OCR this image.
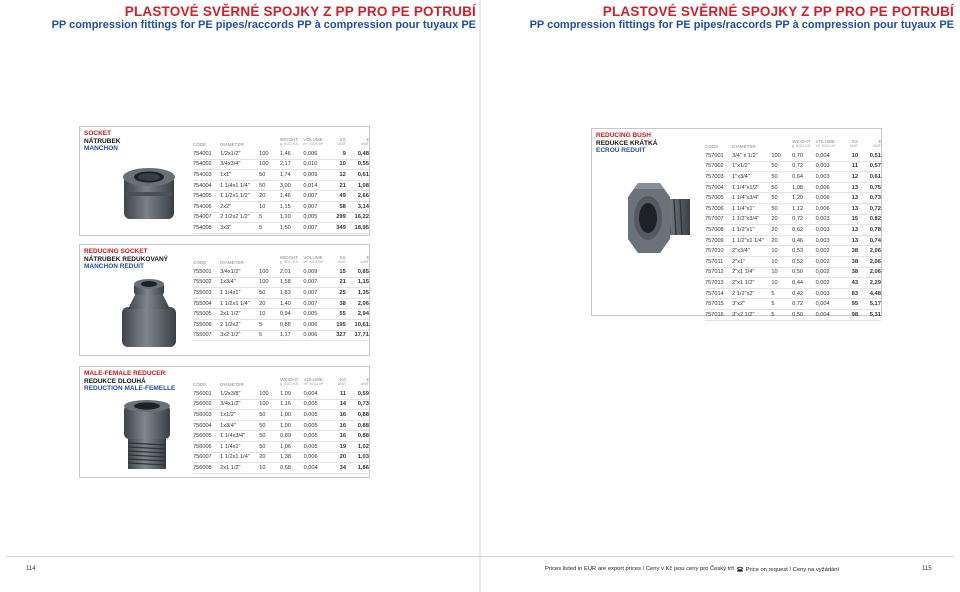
PLASTOVÉ SVĚRNÉ SPOJKY Z PP PRO PE POTRUBÍ
PP compression fittings for PE pipes/raccords PP à compression pour tuyaux PE
PLASTOVÉ SVĚRNÉ SPOJKY Z PP PRO PE POTRUBÍ
PP compression fittings for PE pipes/raccords PP à compression pour tuyaux PE
SOCKET
NÁTRUBEK
MANCHON
CODE	DIAMETER		WEIGHT
g, KG/1 KS	VOLUME
m³, KG/1 m³	KS
UNIT	€
UNIT

754001	1/2x1/2"	100	1,46	0,006	9	0,48
754002	3/4x3/4"	100	2,17	0,010	10	0,55
754003	1x1"	50	1,74	0,009	12	0,61
754004	1 1/4x1 1/4"	50	3,00	0,014	21	1,08
754005	1 1/2x1 1/2"	20	1,46	0,007	49	2,66
754006	2x2"	10	1,15	0,007	58	3,14
754007	2 1/2x2 1/2"	5	1,10	0,005	299	16,22
754008	3x3"	5	1,50	0,007	349	18,95
REDUCING SOCKET
NÁTRUBEK REDUKOVANÝ
MANCHON REDUIT
CODE	DIAMETER		WEIGHT
g, KG/1 KS	VOLUME
m³, KG/1 m³	KS
UNIT	€
UNIT

755001	3/4x1/2"	100	2,01	0,009	15	0,85
755002	1x3/4"	100	1,58	0,007	21	1,15
755003	1 1/4x1"	50	1,83	0,007	25	1,35
755004	1 1/2x1 1/4"	20	1,40	0,007	38	2,06
755005	2x1 1/2"	10	0,94	0,005	55	2,94
755006	2 1/2x2"	5	0,88	0,006	195	10,61
755007	3x2 1/2"	5	1,17	0,006	327	17,71
MALE-FEMALE REDUCER
REDUKCE DLOUHÁ
REDUCTION MALE-FEMELLE
CODE	DIAMETER		WEIGHT
g, KG/1 KS	VOLUME
m³, KG/1 m³	KS
UNIT	€
UNIT

756001	1/2x3/8"	100	1,09	0,004	11	0,59
756002	3/4x1/2"	100	1,16	0,005	14	0,73
756003	1x1/2"	50	1,00	0,005	16	0,88
756004	1x3/4"	50	1,00	0,005	16	0,88
756005	1 1/4x3/4"	50	0,89	0,005	16	0,88
756006	1 1/4x1"	50	1,06	0,005	19	1,02
756007	1 1/2x1 1/4"	20	1,38	0,006	20	1,03
756008	2x1 1/2"	10	0,68	0,004	34	1,86
REDUCING BUSH
REDUKCE KRÁTKÁ
ECROU REDUIT
CODE	DIAMETER		WEIGHT
g, KG/1 KS	VOLUME
m³, KG/1 m³	KS
UNIT	€
UNIT

757001	3/4" x 1/2"	100	0,70	0,004	10	0,51
757002	1"x1/2"	50	0,72	0,003	11	0,57
757003	1"x3/4"	50	0,64	0,003	12	0,61
757004	1 1/4"x1/2"	50	1,08	0,006	13	0,75
757005	1 1/4"x3/4"	50	1,29	0,006	13	0,73
757006	1 1/4"x1"	50	1,12	0,006	13	0,72
757007	1 1/2"x3/4"	20	0,72	0,003	15	0,82
757008	1 1/2"x1"	20	0,62	0,003	13	0,78
757009	1 1/2"x1 1/4"	20	0,46	0,003	13	0,74
757010	2"x3/4"	10	0,53	0,002	38	2,06
757011	2"x1"	10	0,52	0,002	38	2,06
757012	2"x1 1/4"	10	0,50	0,002	38	2,06
757013	2"x1 1/2"	10	0,44	0,002	43	2,29
757014	2 1/2"x2"	5	0,42	0,003	83	4,48
757015	3"x2"	5	0,72	0,004	95	5,17
757016	3"x2 1/2"	5	0,50	0,004	98	5,31
114	Prices listed in EUR are export prices / Ceny v Kč jsou ceny pro Český trh	Price on request / Ceny na vyžádání	115
